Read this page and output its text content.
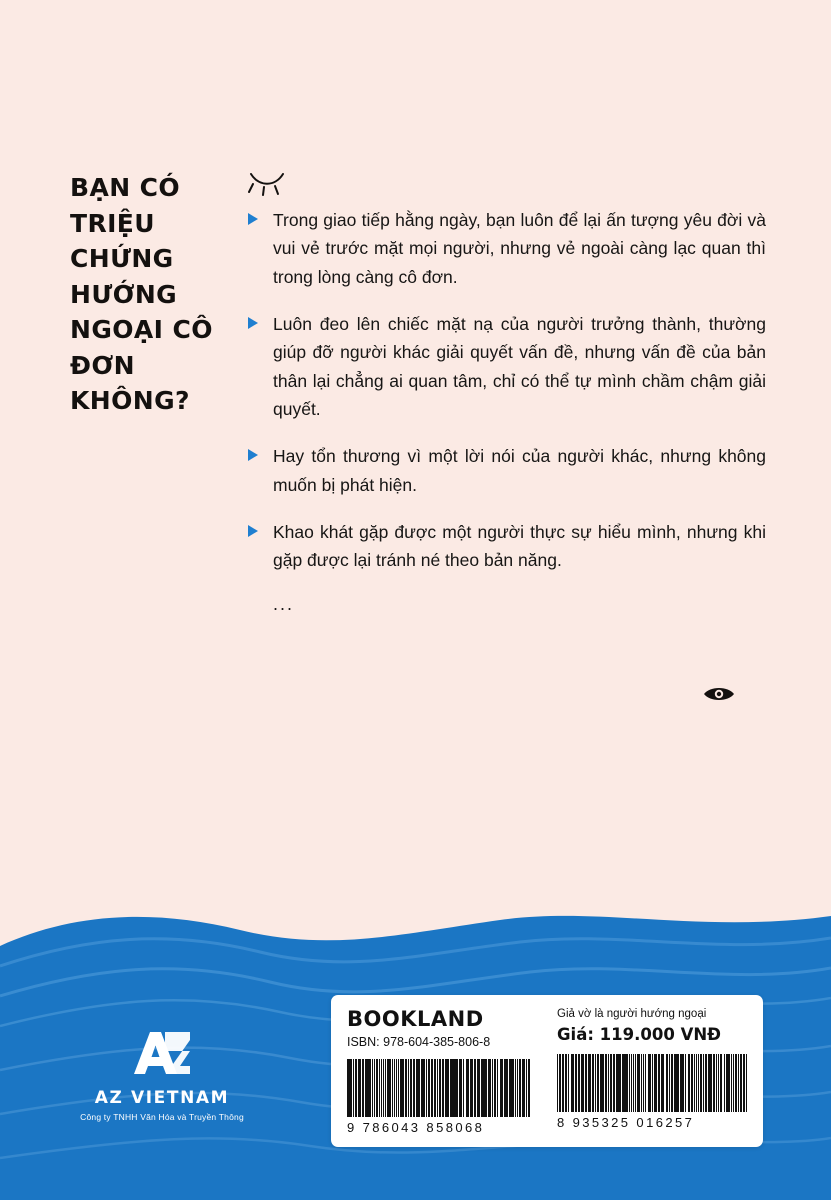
BẠN CÓ TRIỆU CHỨNG HƯỚNG NGOẠI CÔ ĐƠN KHÔNG?
Trong giao tiếp hằng ngày, bạn luôn để lại ấn tượng yêu đời và vui vẻ trước mặt mọi người, nhưng vẻ ngoài càng lạc quan thì trong lòng càng cô đơn.
Luôn đeo lên chiếc mặt nạ của người trưởng thành, thường giúp đỡ người khác giải quyết vấn đề, nhưng vấn đề của bản thân lại chẳng ai quan tâm, chỉ có thể tự mình chầm chậm giải quyết.
Hay tổn thương vì một lời nói của người khác, nhưng không muốn bị phát hiện.
Khao khát gặp được một người thực sự hiểu mình, nhưng khi gặp được lại tránh né theo bản năng.
...
AZ VIETNAM
Công ty TNHH Văn Hóa và Truyền Thông
BOOKLAND
ISBN: 978-604-385-806-8
9 786043 858068
Giả vờ là người hướng ngoại
Giá: 119.000 VNĐ
8 935325 016257
